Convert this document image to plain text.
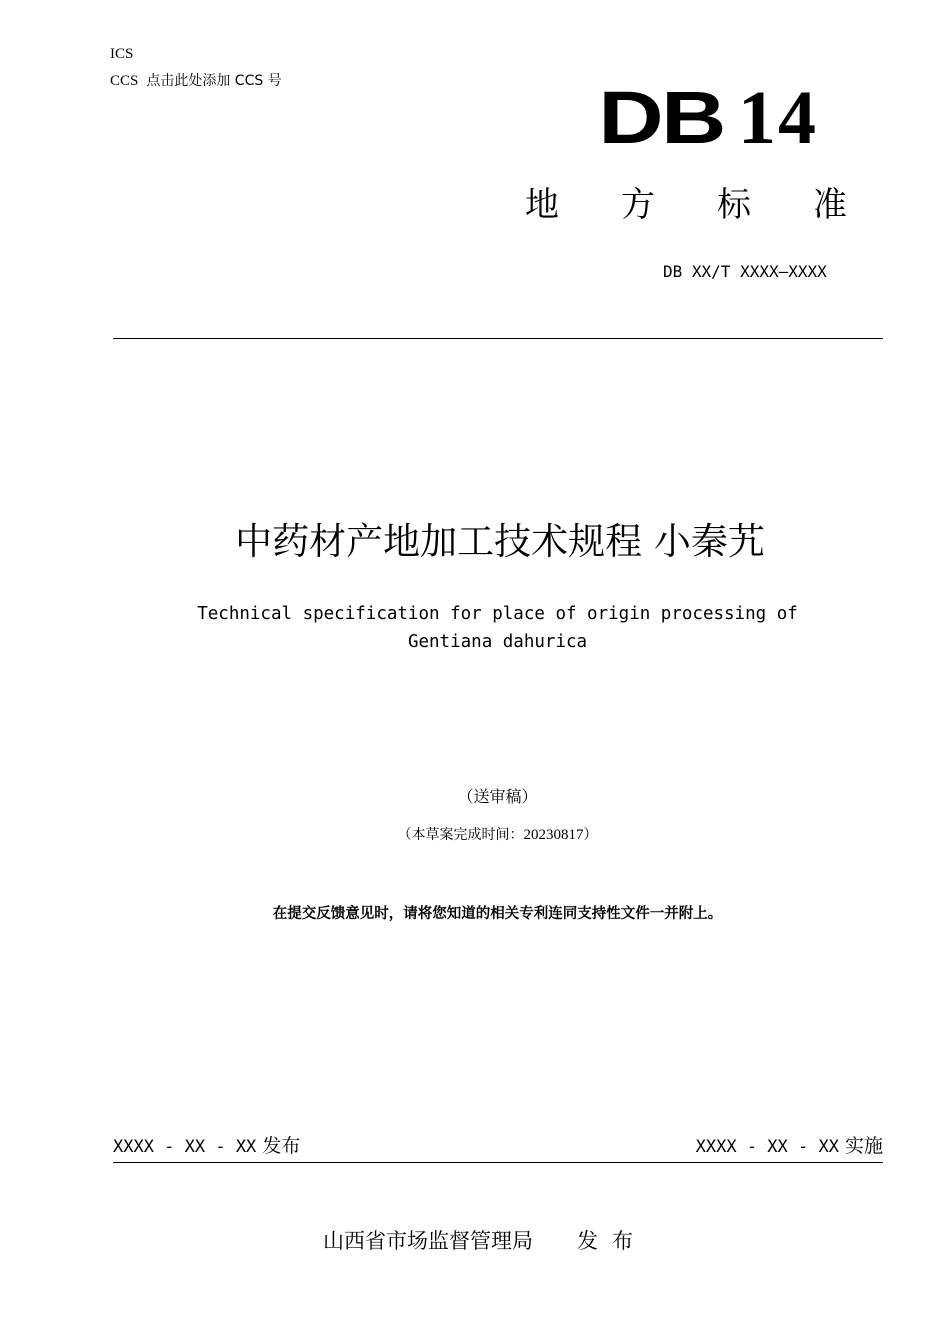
ICS
CCS 点击此处添加 CCS 号	DB 14
地方标准
DB XX/T XXXX—XXXX
中药材产地加工技术规程 小秦艽
Technical specification for place of origin processing of
Gentiana dahurica
（送审稿）
（本草案完成时间：20230817）
在提交反馈意见时，请将您知道的相关专利连同支持性文件一并附上。
XXXX - XX - XX 发布	XXXX - XX - XX 实施
山西省市场监督管理局 发布
